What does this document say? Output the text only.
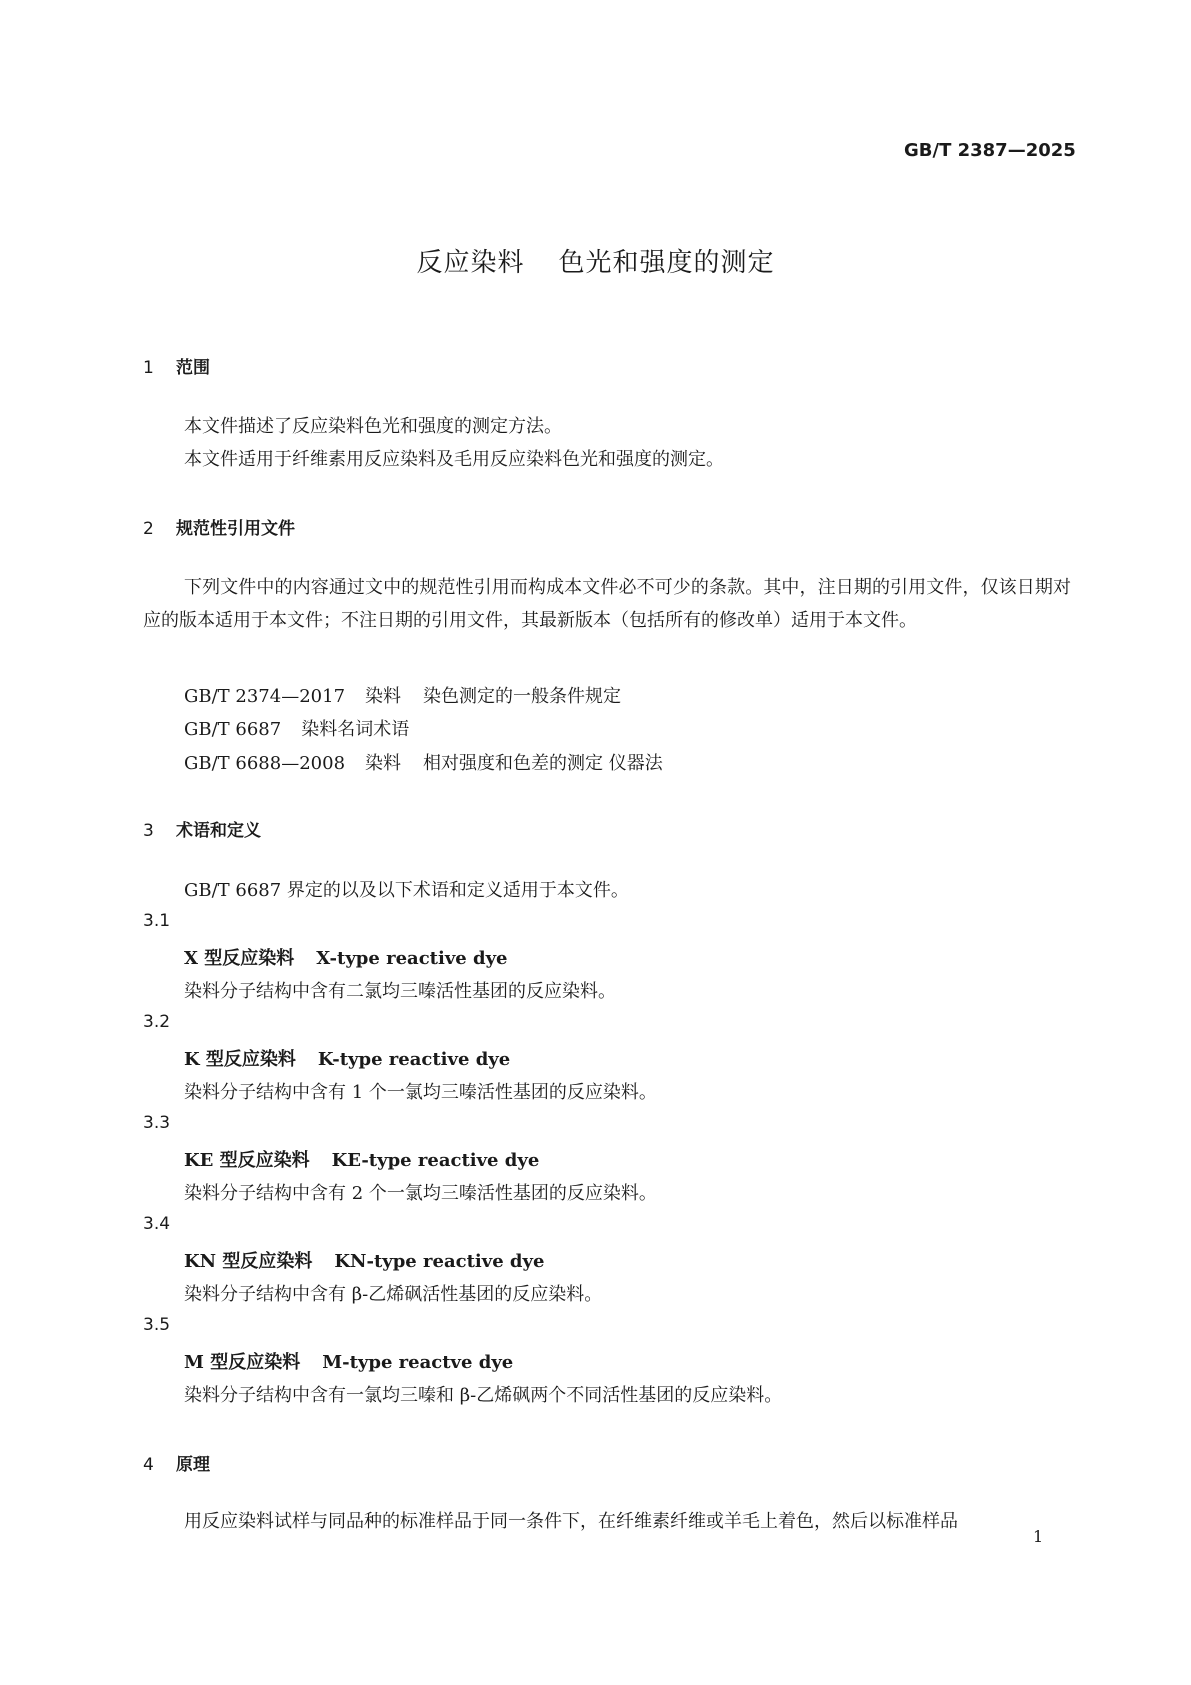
GB/T 2387—2025
反应染料 色光和强度的测定
1 范围
本文件描述了反应染料色光和强度的测定方法。
本文件适用于纤维素用反应染料及毛用反应染料色光和强度的测定。
2 规范性引用文件
下列文件中的内容通过文中的规范性引用而构成本文件必不可少的条款。其中，注日期的引用文件，仅该日期对应的版本适用于本文件；不注日期的引用文件，其最新版本（包括所有的修改单）适用于本文件。
GB/T 2374—2017 染料 染色测定的一般条件规定
GB/T 6687 染料名词术语
GB/T 6688—2008 染料 相对强度和色差的测定 仪器法
3 术语和定义
GB/T 6687 界定的以及以下术语和定义适用于本文件。
3.1
X 型反应染料 X-type reactive dye
染料分子结构中含有二氯均三嗪活性基团的反应染料。
3.2
K 型反应染料 K-type reactive dye
染料分子结构中含有 1 个一氯均三嗪活性基团的反应染料。
3.3
KE 型反应染料 KE-type reactive dye
染料分子结构中含有 2 个一氯均三嗪活性基团的反应染料。
3.4
KN 型反应染料 KN-type reactive dye
染料分子结构中含有 β-乙烯砜活性基团的反应染料。
3.5
M 型反应染料 M-type reactve dye
染料分子结构中含有一氯均三嗪和 β-乙烯砜两个不同活性基团的反应染料。
4 原理
用反应染料试样与同品种的标准样品于同一条件下，在纤维素纤维或羊毛上着色，然后以标准样品
1
